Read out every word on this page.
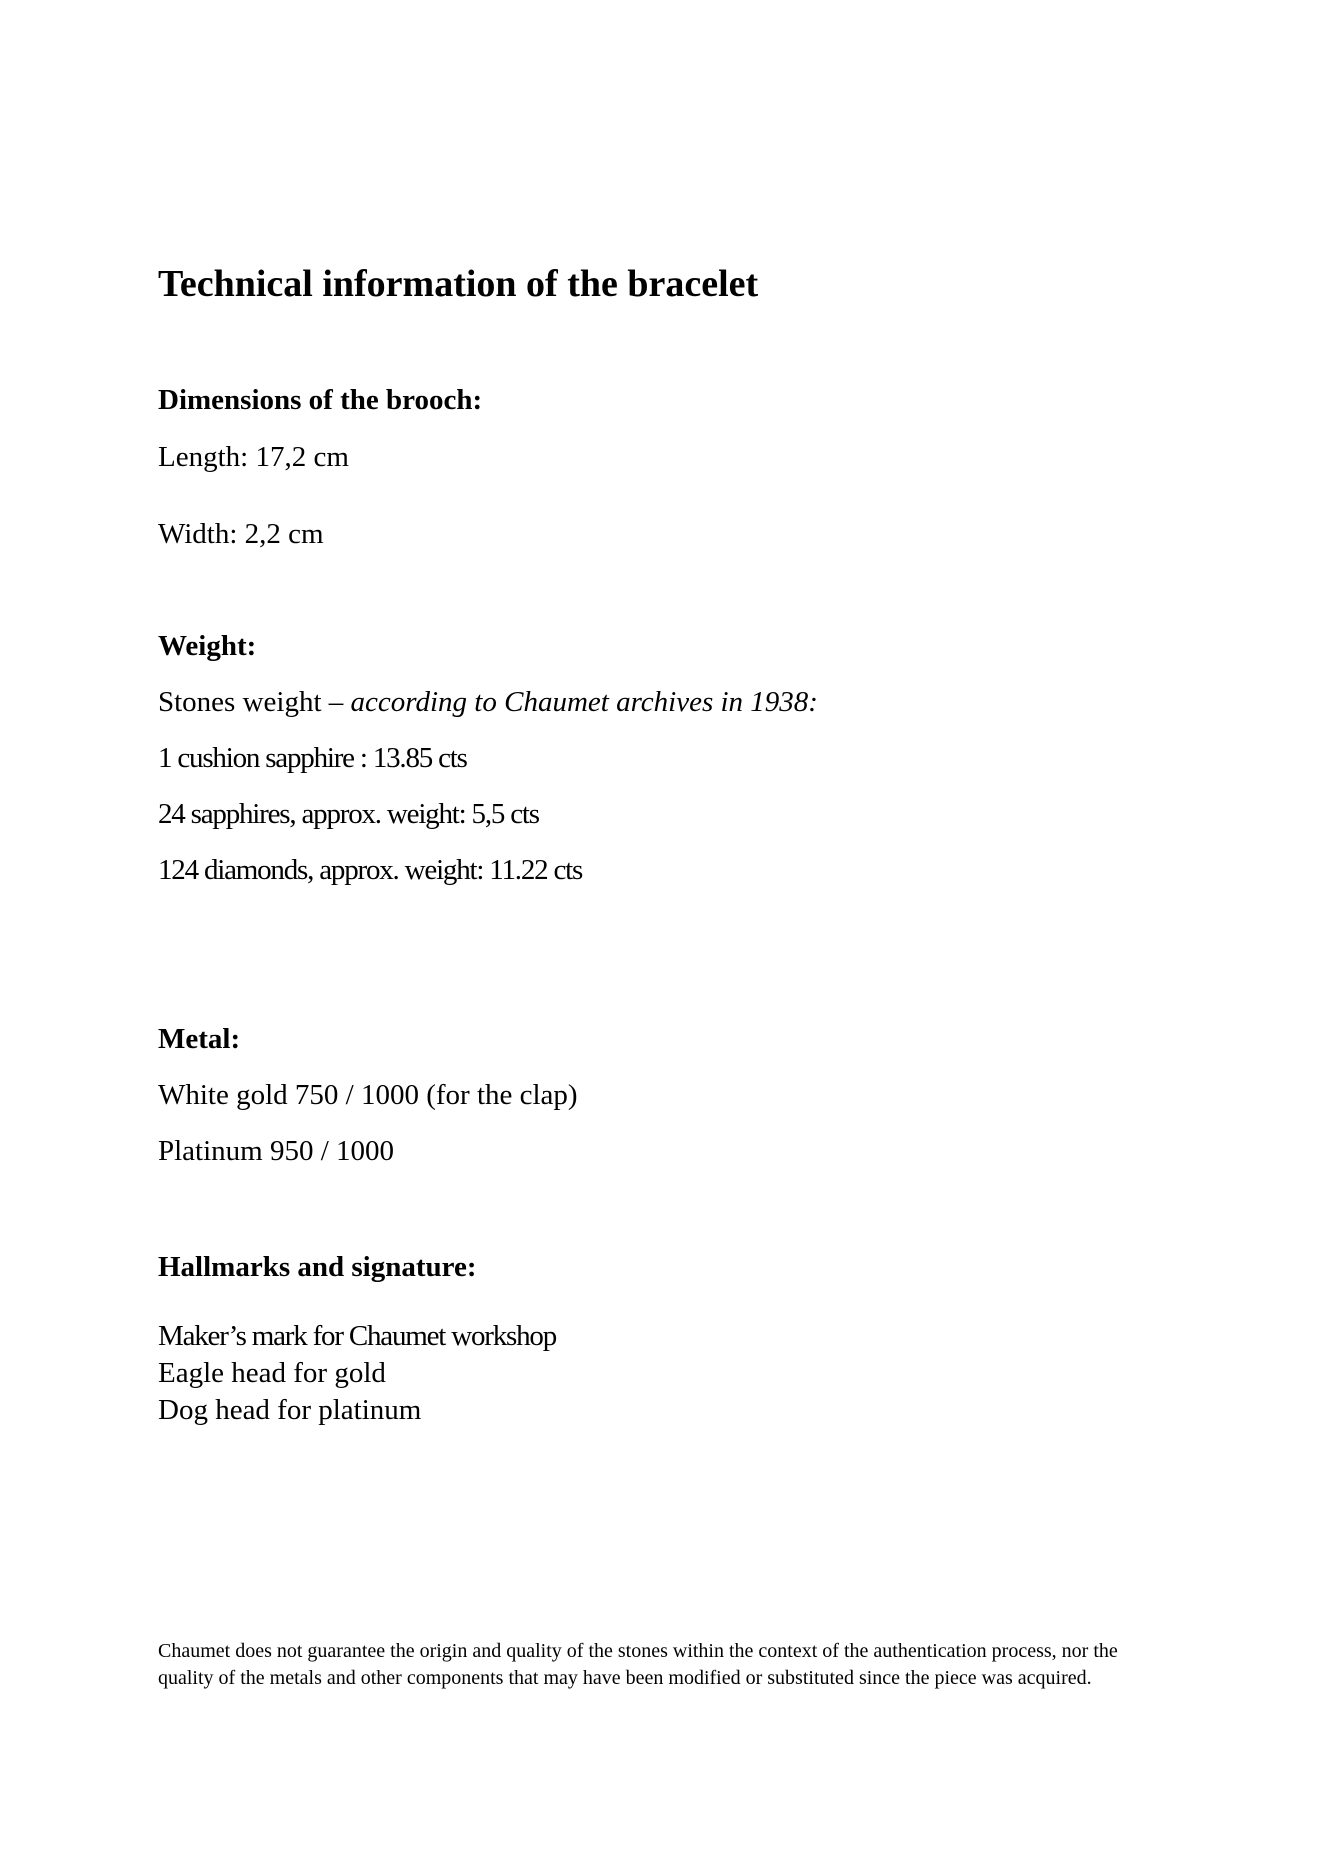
Technical information of the bracelet
Dimensions of the brooch:
Length: 17,2 cm
Width: 2,2 cm
Weight:
Stones weight – according to Chaumet archives in 1938:
1 cushion sapphire : 13.85 cts
24 sapphires, approx. weight: 5,5 cts
124 diamonds, approx. weight: 11.22 cts
Metal:
White gold 750 / 1000 (for the clap)
Platinum 950 / 1000
Hallmarks and signature:
Maker’s mark for Chaumet workshop
Eagle head for gold
Dog head for platinum

Chaumet does not guarantee the origin and quality of the stones within the context of the authentication process, nor the quality of the metals and other components that may have been modified or substituted since the piece was acquired.
